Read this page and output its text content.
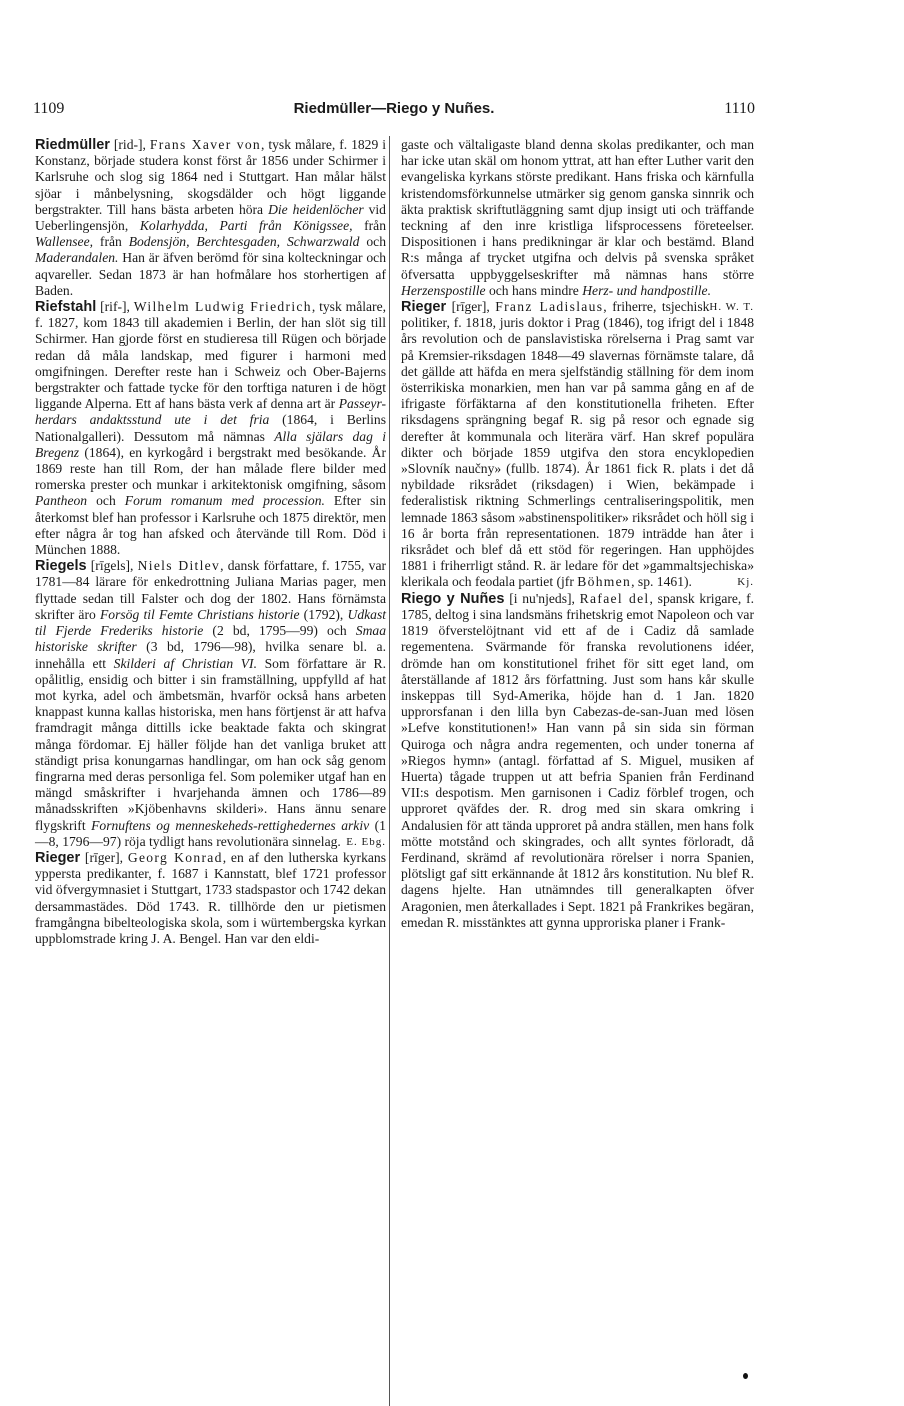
1109	Riedmüller—Riego y Nuñes.	1110

Riedmüller [rid-], Frans Xaver von, tysk målare, f. 1829 i Konstanz, började studera konst först år 1856 under Schirmer i Karlsruhe och slog sig 1864 ned i Stuttgart. Han målar hälst sjöar i månbelysning, skogsdälder och högt liggande bergstrakter. Till hans bästa arbeten höra Die heidenlöcher vid Ueberlingensjön, Kolarhydda, Parti från Königssee, från Wallensee, från Bodensjön, Berchtesgaden, Schwarzwald och Maderandalen. Han är äfven berömd för sina kolteckningar och aqvareller. Sedan 1873 är han hofmålare hos storhertigen af Baden.

Riefstahl [rif-], Wilhelm Ludwig Friedrich, tysk målare, f. 1827, kom 1843 till akademien i Berlin, der han slöt sig till Schirmer. Han gjorde först en studieresa till Rügen och började redan då måla landskap, med figurer i harmoni med omgifningen. Derefter reste han i Schweiz och Ober-Bajerns bergstrakter och fattade tycke för den torftiga naturen i de högt liggande Alperna. Ett af hans bästa verk af denna art är Passeyr-herdars andaktsstund ute i det fria (1864, i Berlins Nationalgalleri). Dessutom må nämnas Alla själars dag i Bregenz (1864), en kyrkogård i bergstrakt med besökande. År 1869 reste han till Rom, der han målade flere bilder med romerska prester och munkar i arkitektonisk omgifning, såsom Pantheon och Forum romanum med procession. Efter sin återkomst blef han professor i Karlsruhe och 1875 direktör, men efter några år tog han afsked och återvände till Rom. Död i München 1888.

Riegels [rīgels], Niels Ditlev, dansk författare, f. 1755, var 1781—84 lärare för enkedrottning Juliana Marias pager, men flyttade sedan till Falster och dog der 1802. Hans förnämsta skrifter äro Forsög til Femte Christians historie (1792), Udkast til Fjerde Frederiks historie (2 bd, 1795—99) och Smaa historiske skrifter (3 bd, 1796—98), hvilka senare bl. a. innehålla ett Skilderi af Christian VI. Som författare är R. opålitlig, ensidig och bitter i sin framställning, uppfylld af hat mot kyrka, adel och ämbetsmän, hvarför också hans arbeten knappast kunna kallas historiska, men hans förtjenst är att hafva framdragit många dittills icke beaktade fakta och skingrat många fördomar. Ej häller följde han det vanliga bruket att ständigt prisa konungarnas handlingar, om han ock såg genom fingrarna med deras personliga fel. Som polemiker utgaf han en mängd småskrifter i hvarjehanda ämnen och 1786—89 månadsskriften »Kjöbenhavns skilderi». Hans ännu senare flygskrift Fornuftens og menneskeheds-rettighedernes arkiv (1—8, 1796—97) röja tydligt hans revolutionära sinnelag. E. Ebg.

Rieger [rīger], Georg Konrad, en af den lutherska kyrkans yppersta predikanter, f. 1687 i Kannstatt, blef 1721 professor vid öfvergymnasiet i Stuttgart, 1733 stadspastor och 1742 dekan dersammastädes. Död 1743. R. tillhörde den ur pietismen framgångna bibelteologiska skola, som i würtembergska kyrkan uppblomstrade kring J. A. Bengel. Han var den eldi-

gaste och vältaligaste bland denna skolas predikanter, och man har icke utan skäl om honom yttrat, att han efter Luther varit den evangeliska kyrkans störste predikant. Hans friska och kärnfulla kristendomsförkunnelse utmärker sig genom ganska sinnrik och äkta praktisk skriftutläggning samt djup insigt uti och träffande teckning af den inre kristliga lifsprocessens företeelser. Dispositionen i hans predikningar är klar och bestämd. Bland R:s många af trycket utgifna och delvis på svenska språket öfversatta uppbyggelseskrifter må nämnas hans större Herzenspostille och hans mindre Herz- und handpostille.
H. W. T.

Rieger [rīger], Franz Ladislaus, friherre, tsjechisk politiker, f. 1818, juris doktor i Prag (1846), tog ifrigt del i 1848 års revolution och de panslavistiska rörelserna i Prag samt var på Kremsier-riksdagen 1848—49 slavernas förnämste talare, då det gällde att häfda en mera sjelfständig ställning för dem inom österrikiska monarkien, men han var på samma gång en af de ifrigaste förfäktarna af den konstitutionella friheten. Efter riksdagens sprängning begaf R. sig på resor och egnade sig derefter åt kommunala och literära värf. Han skref populära dikter och började 1859 utgifva den stora encyklopedien »Slovník naučny» (fullb. 1874). År 1861 fick R. plats i det då nybildade riksrådet (riksdagen) i Wien, bekämpade i federalistisk riktning Schmerlings centraliseringspolitik, men lemnade 1863 såsom »abstinenspolitiker» riksrådet och höll sig i 16 år borta från representationen. 1879 inträdde han åter i riksrådet och blef då ett stöd för regeringen. Han upphöjdes 1881 i friherrligt stånd. R. är ledare för det »gammaltsjechiska» klerikala och feodala partiet (jfr Böhmen, sp. 1461).	Kj.

Riego y Nuñes [i nu'njeds], Rafael del, spansk krigare, f. 1785, deltog i sina landsmäns frihetskrig emot Napoleon och var 1819 öfverstelöjtnant vid ett af de i Cadiz då samlade regementena. Svärmande för franska revolutionens idéer, drömde han om konstitutionel frihet för sitt eget land, om återställande af 1812 års författning. Just som hans kår skulle inskeppas till Syd-Amerika, höjde han d. 1 Jan. 1820 upprorsfanan i den lilla byn Cabezas-de-san-Juan med lösen »Lefve konstitutionen!» Han vann på sin sida sin förman Quiroga och några andra regementen, och under tonerna af »Riegos hymn» (antagl. författad af S. Miguel, musiken af Huerta) tågade truppen ut att befria Spanien från Ferdinand VII:s despotism. Men garnisonen i Cadiz förblef trogen, och upproret qväfdes der. R. drog med sin skara omkring i Andalusien för att tända upproret på andra ställen, men hans folk mötte motstånd och skingrades, och allt syntes förloradt, då Ferdinand, skrämd af revolutionära rörelser i norra Spanien, plötsligt gaf sitt erkännande åt 1812 års konstitution. Nu blef R. dagens hjelte. Han utnämndes till generalkapten öfver Aragonien, men återkallades i Sept. 1821 på Frankrikes begäran, emedan R. misstänktes att gynna upproriska planer i Frank-
